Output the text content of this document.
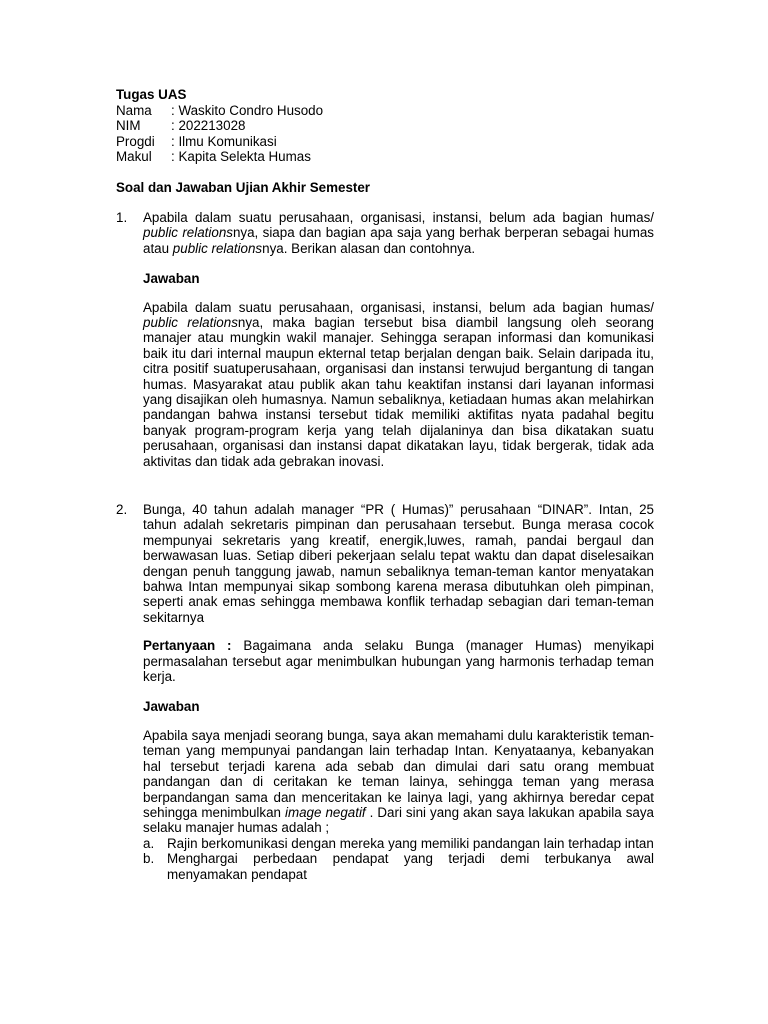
Tugas UAS
Nama	: Waskito Condro Husodo
NIM	: 202213028
Progdi	: Ilmu Komunikasi
Makul	: Kapita Selekta Humas
Soal dan Jawaban Ujian Akhir Semester
1. Apabila dalam suatu perusahaan, organisasi, instansi, belum ada bagian humas/ public relationsnya, siapa dan bagian apa saja yang berhak berperan sebagai humas atau public relationsnya. Berikan alasan dan contohnya.
Jawaban
Apabila dalam suatu perusahaan, organisasi, instansi, belum ada bagian humas/ public relationsnya, maka bagian tersebut bisa diambil langsung oleh seorang manajer atau mungkin wakil manajer. Sehingga serapan informasi dan komunikasi baik itu dari internal maupun ekternal tetap berjalan dengan baik. Selain daripada itu, citra positif suatuperusahaan, organisasi dan instansi terwujud bergantung di tangan humas. Masyarakat atau publik akan tahu keaktifan instansi dari layanan informasi yang disajikan oleh humasnya. Namun sebaliknya, ketiadaan humas akan melahirkan pandangan bahwa instansi tersebut tidak memiliki aktifitas nyata padahal begitu banyak program-program kerja yang telah dijalaninya dan bisa dikatakan suatu perusahaan, organisasi dan instansi dapat dikatakan layu, tidak bergerak, tidak ada aktivitas dan tidak ada gebrakan inovasi.
2. Bunga, 40 tahun adalah manager “PR ( Humas)” perusahaan “DINAR”. Intan, 25 tahun adalah sekretaris pimpinan dan perusahaan tersebut. Bunga merasa cocok mempunyai sekretaris yang kreatif, energik,luwes, ramah, pandai bergaul dan berwawasan luas. Setiap diberi pekerjaan selalu tepat waktu dan dapat diselesaikan dengan penuh tanggung jawab, namun sebaliknya teman-teman kantor menyatakan bahwa Intan mempunyai sikap sombong karena merasa dibutuhkan oleh pimpinan, seperti anak emas sehingga membawa konflik terhadap sebagian dari teman-teman sekitarnya
Pertanyaan : Bagaimana anda selaku Bunga (manager Humas) menyikapi permasalahan tersebut agar menimbulkan hubungan yang harmonis terhadap teman kerja.
Jawaban
Apabila saya menjadi seorang bunga, saya akan memahami dulu karakteristik teman-teman yang mempunyai pandangan lain terhadap Intan. Kenyataanya, kebanyakan hal tersebut terjadi karena ada sebab dan dimulai dari satu orang membuat pandangan dan di ceritakan ke teman lainya, sehingga teman yang merasa berpandangan sama dan menceritakan ke lainya lagi, yang akhirnya beredar cepat sehingga menimbulkan image negatif . Dari sini yang akan saya lakukan apabila saya selaku manajer humas adalah ;
a. Rajin berkomunikasi dengan mereka yang memiliki pandangan lain terhadap intan
b. Menghargai perbedaan pendapat yang terjadi demi terbukanya awal menyamakan pendapat
